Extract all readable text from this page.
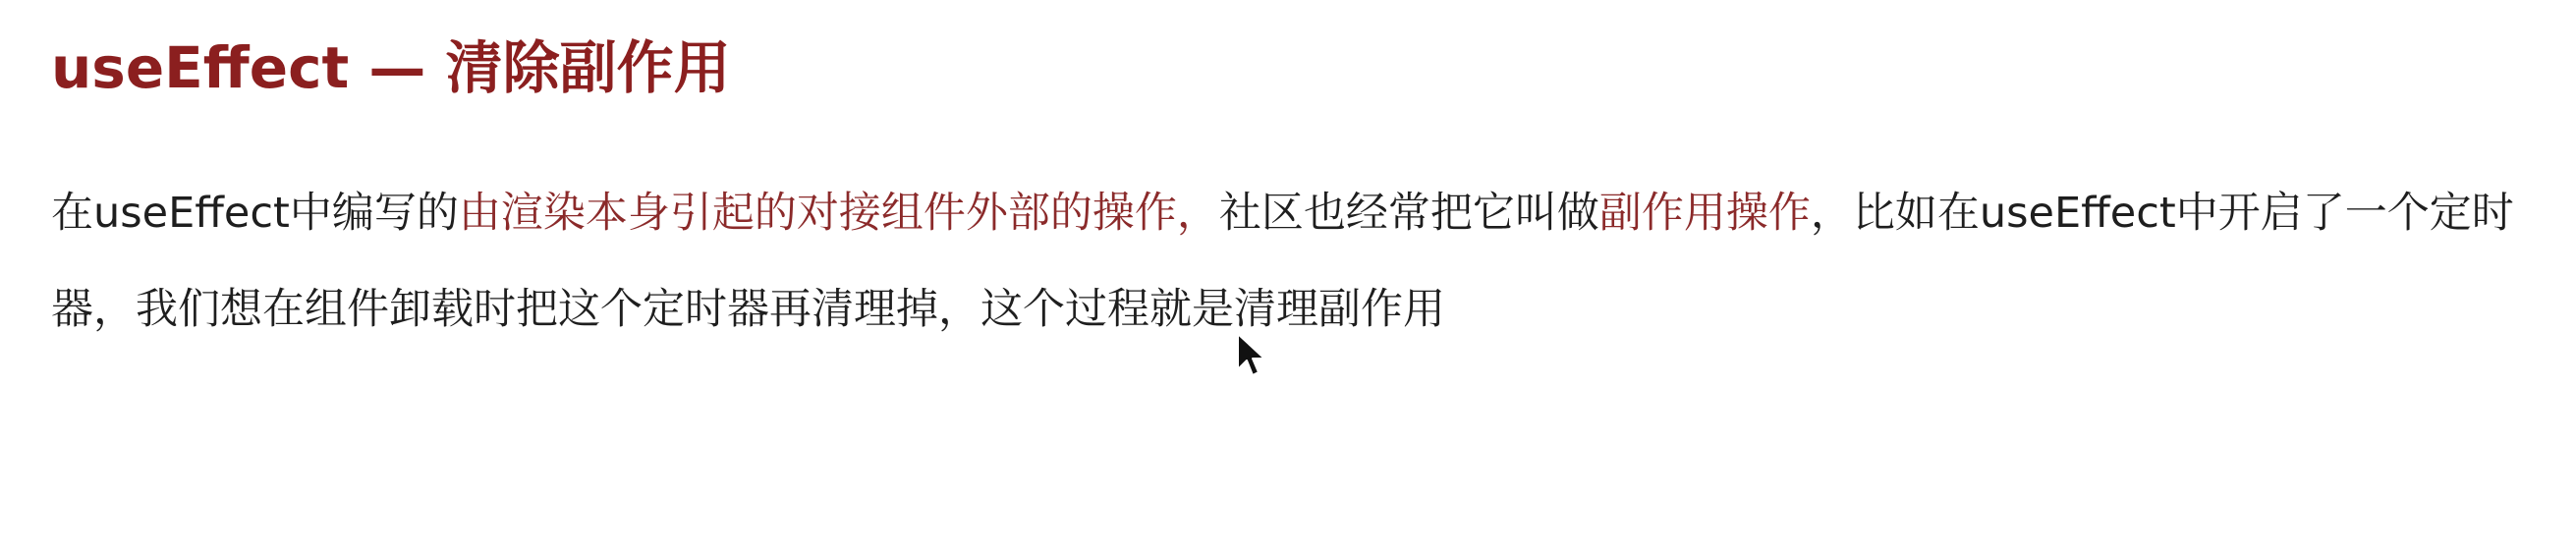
useEffect — 清除副作用

在useEffect中编写的由渲染本身引起的对接组件外部的操作，社区也经常把它叫做副作用操作，比如在useEffect中开启了一个定时器，我们想在组件卸载时把这个定时器再清理掉，这个过程就是清理副作用
